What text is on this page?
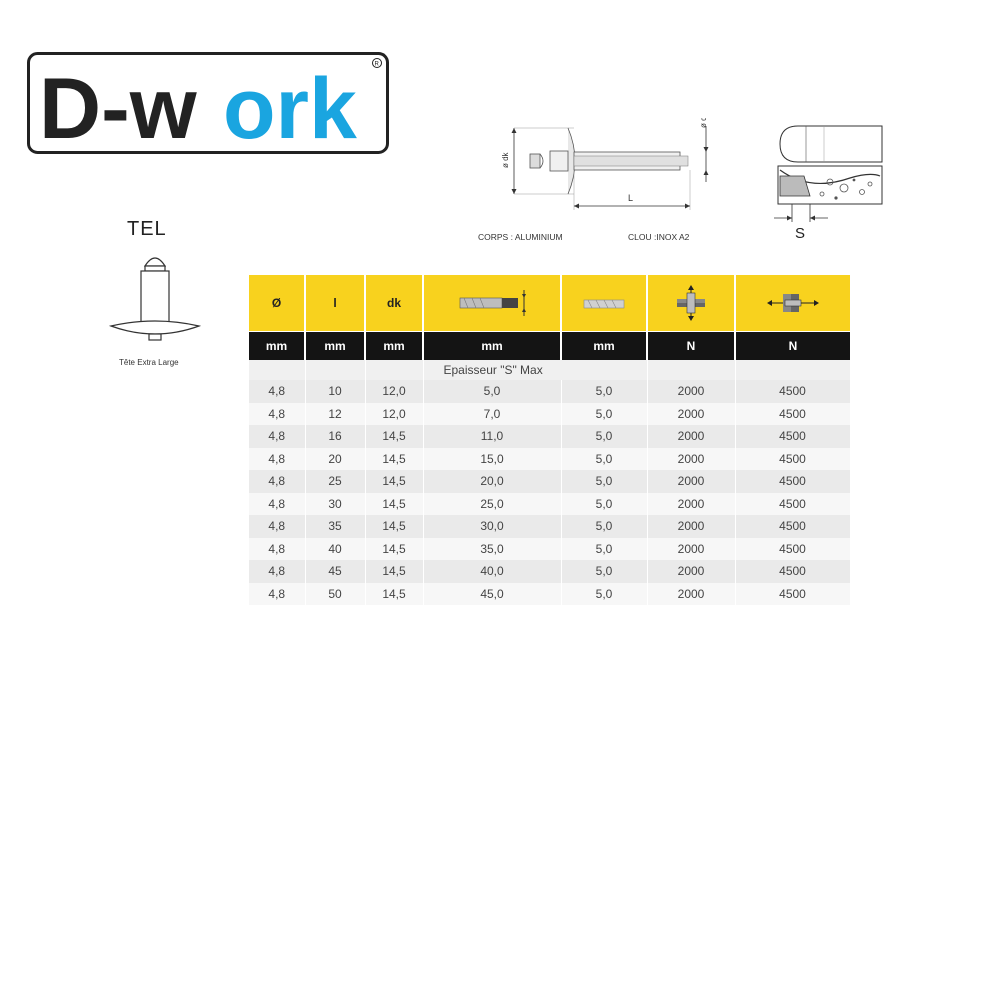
D-w ork	R
TEL
Tête Extra Large
ø dk
ø d
L
S
CORPS : ALUMINIUM	CLOU :INOX A2
Ø	l	dk	

mm	mm	mm	mm	mm	N	N
			Epaisseur "S" Max			
4,8	10	12,0	5,0	5,0	2000	4500
4,8	12	12,0	7,0	5,0	2000	4500
4,8	16	14,5	11,0	5,0	2000	4500
4,8	20	14,5	15,0	5,0	2000	4500
4,8	25	14,5	20,0	5,0	2000	4500
4,8	30	14,5	25,0	5,0	2000	4500
4,8	35	14,5	30,0	5,0	2000	4500
4,8	40	14,5	35,0	5,0	2000	4500
4,8	45	14,5	40,0	5,0	2000	4500
4,8	50	14,5	45,0	5,0	2000	4500
